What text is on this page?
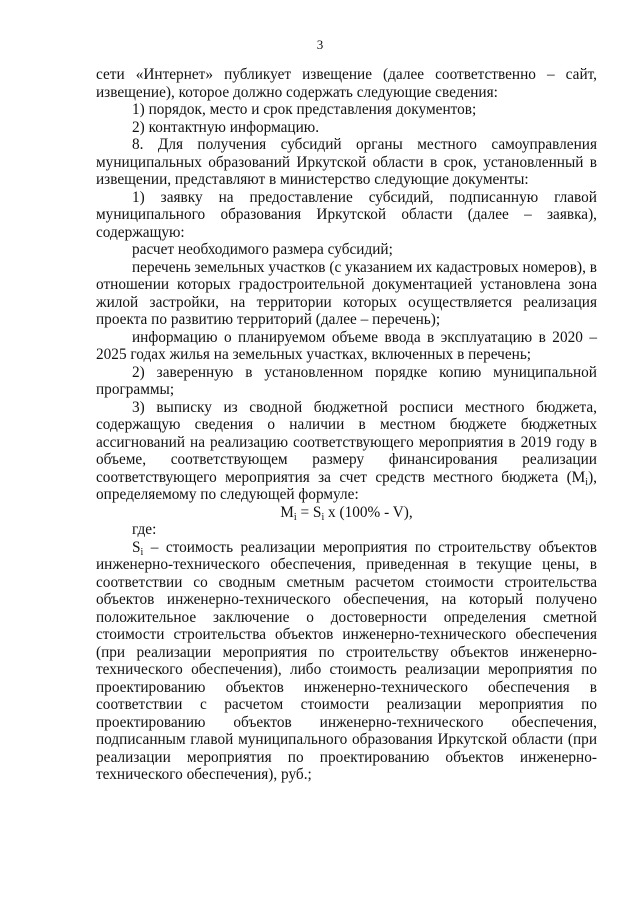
3

сети «Интернет» публикует извещение (далее соответственно – сайт, извещение), которое должно содержать следующие сведения:

1) порядок, место и срок представления документов;

2) контактную информацию.

8. Для получения субсидий органы местного самоуправления муниципальных образований Иркутской области в срок, установленный в извещении, представляют в министерство следующие документы:

1) заявку на предоставление субсидий, подписанную главой муниципального образования Иркутской области (далее – заявка), содержащую:

расчет необходимого размера субсидий;

перечень земельных участков (с указанием их кадастровых номеров), в отношении которых градостроительной документацией установлена зона жилой застройки, на территории которых осуществляется реализация проекта по развитию территорий (далее – перечень);

информацию о планируемом объеме ввода в эксплуатацию в 2020 – 2025 годах жилья на земельных участках, включенных в перечень;

2) заверенную в установленном порядке копию муниципальной программы;

3) выписку из сводной бюджетной росписи местного бюджета, содержащую сведения о наличии в местном бюджете бюджетных ассигнований на реализацию соответствующего мероприятия в 2019 году в объеме, соответствующем размеру финансирования реализации соответствующего мероприятия за счет средств местного бюджета $(M_i)$, определяемому по следующей формуле:

$M_i = S_i$ x (100% - V),

где:

$S_i$ – стоимость реализации мероприятия по строительству объектов инженерно-технического обеспечения, приведенная в текущие цены, в соответствии со сводным сметным расчетом стоимости строительства объектов инженерно-технического обеспечения, на который получено положительное заключение о достоверности определения сметной стоимости строительства объектов инженерно-технического обеспечения (при реализации мероприятия по строительству объектов инженерно-технического обеспечения), либо стоимость реализации мероприятия по проектированию объектов инженерно-технического обеспечения в соответствии с расчетом стоимости реализации мероприятия по проектированию объектов инженерно-технического обеспечения, подписанным главой муниципального образования Иркутской области (при реализации мероприятия по проектированию объектов инженерно-технического обеспечения), руб.;
